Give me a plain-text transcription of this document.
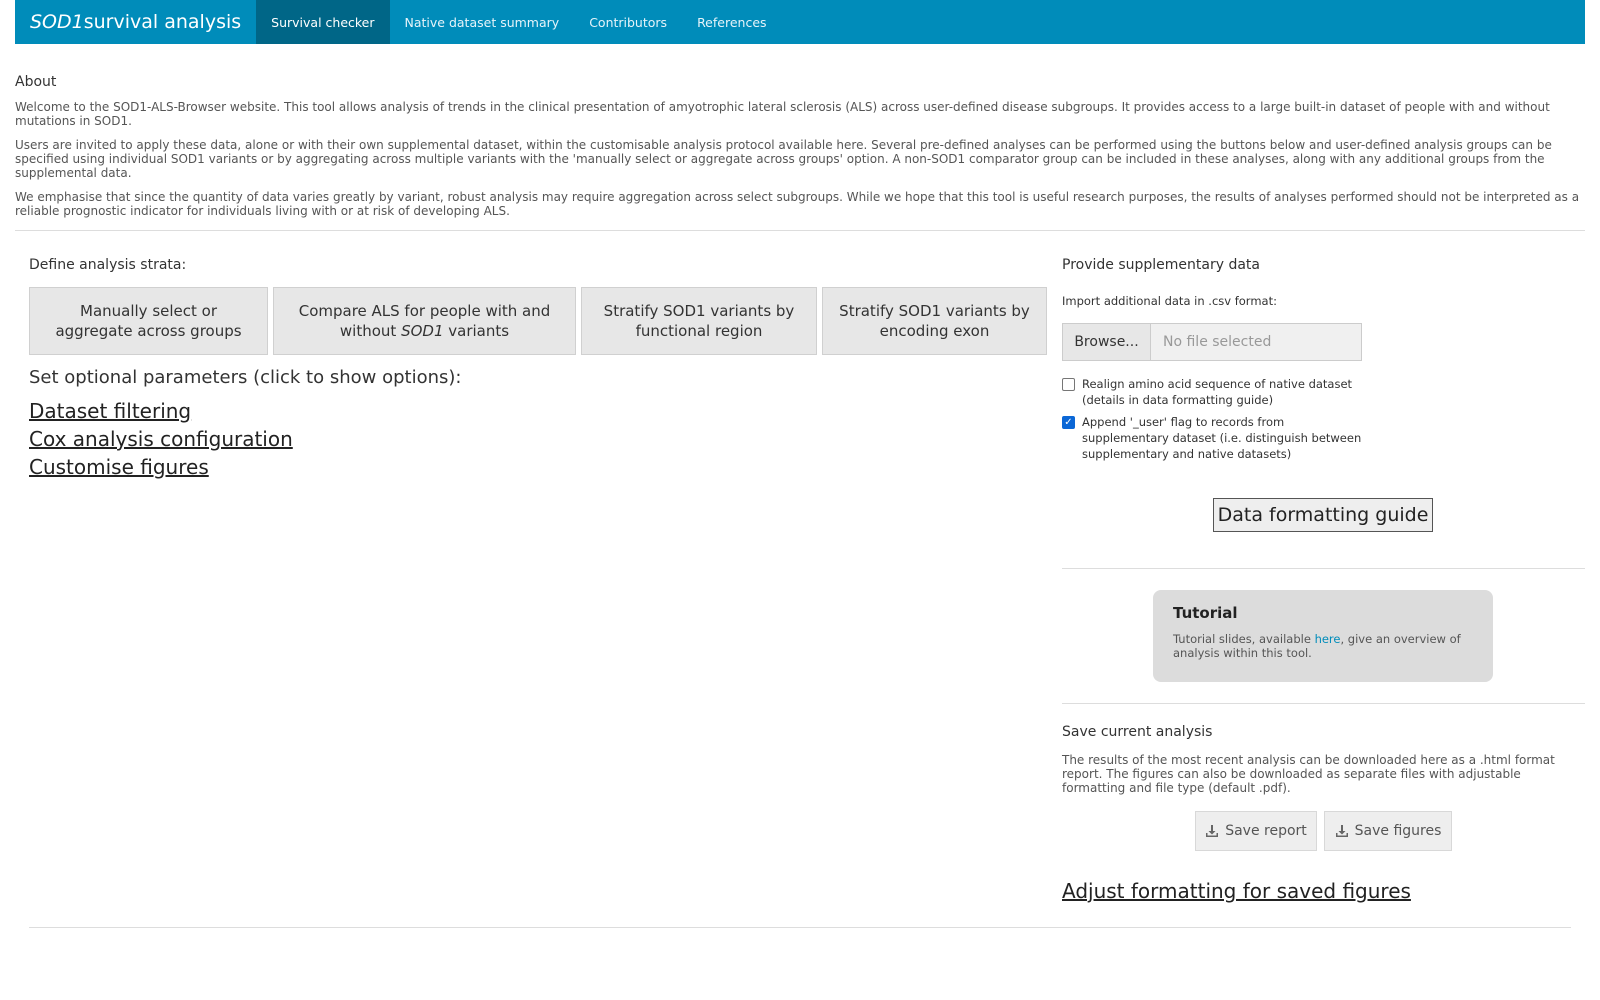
SOD1 survival analysis	Survival checker	Native dataset summary	Contributors	References
About

Welcome to the SOD1-ALS-Browser website. This tool allows analysis of trends in the clinical presentation of amyotrophic lateral sclerosis (ALS) across user-defined disease subgroups. It provides access to a large built-in dataset of people with and without mutations in SOD1.

Users are invited to apply these data, alone or with their own supplemental dataset, within the customisable analysis protocol available here. Several pre-defined analyses can be performed using the buttons below and user-defined analysis groups can be specified using individual SOD1 variants or by aggregating across multiple variants with the 'manually select or aggregate across groups' option. A non-SOD1 comparator group can be included in these analyses, along with any additional groups from the supplemental data.

We emphasise that since the quantity of data varies greatly by variant, robust analysis may require aggregation across select subgroups. While we hope that this tool is useful research purposes, the results of analyses performed should not be interpreted as a reliable prognostic indicator for individuals living with or at risk of developing ALS.

Define analysis strata:
Manually select or aggregate across groups
Compare ALS for people with and without SOD1 variants
Stratify SOD1 variants by functional region
Stratify SOD1 variants by encoding exon
Set optional parameters (click to show options):
Dataset filtering
Cox analysis configuration
Customise figures
Provide supplementary data
Import additional data in .csv format:
Browse...	No file selected
Realign amino acid sequence of native dataset (details in data formatting guide)
✓ Append '_user' flag to records from supplementary dataset (i.e. distinguish between supplementary and native datasets)
Data formatting guide
Tutorial
Tutorial slides, available here, give an overview of analysis within this tool.
Save current analysis
The results of the most recent analysis can be downloaded here as a .html format report. The figures can also be downloaded as separate files with adjustable formatting and file type (default .pdf).
Save report	Save figures
Adjust formatting for saved figures
